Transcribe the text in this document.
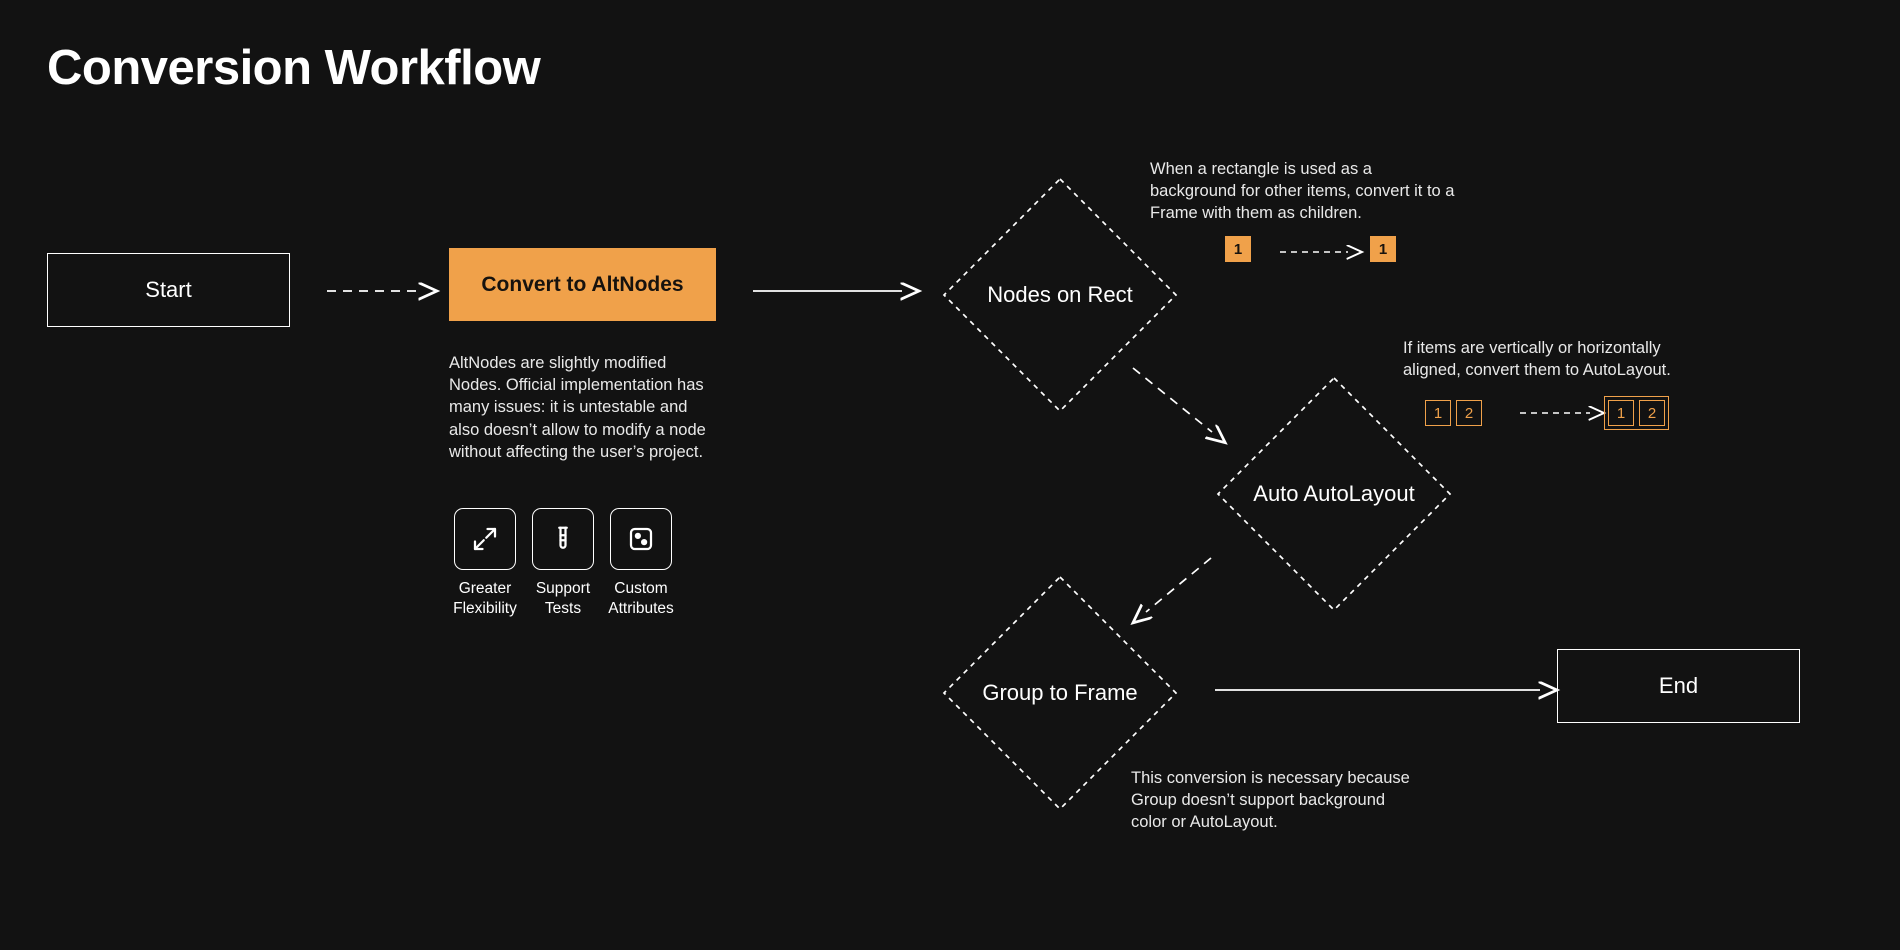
Conversion Workflow
Start	Convert to AltNodes
AltNodes are slightly modified Nodes. Official implementation has many issues: it is untestable and also doesn’t allow to modify a node without affecting the user’s project.
Greater
Flexibility
Support
Tests
Custom
Attributes
Nodes on Rect
Auto AutoLayout
Group to Frame	End
When a rectangle is used as a background for other items, convert it to a Frame with them as children.
If items are vertically or horizontally aligned, convert them to AutoLayout.
This conversion is necessary because Group doesn’t support background color or AutoLayout.
1	1
1	2	1	2
